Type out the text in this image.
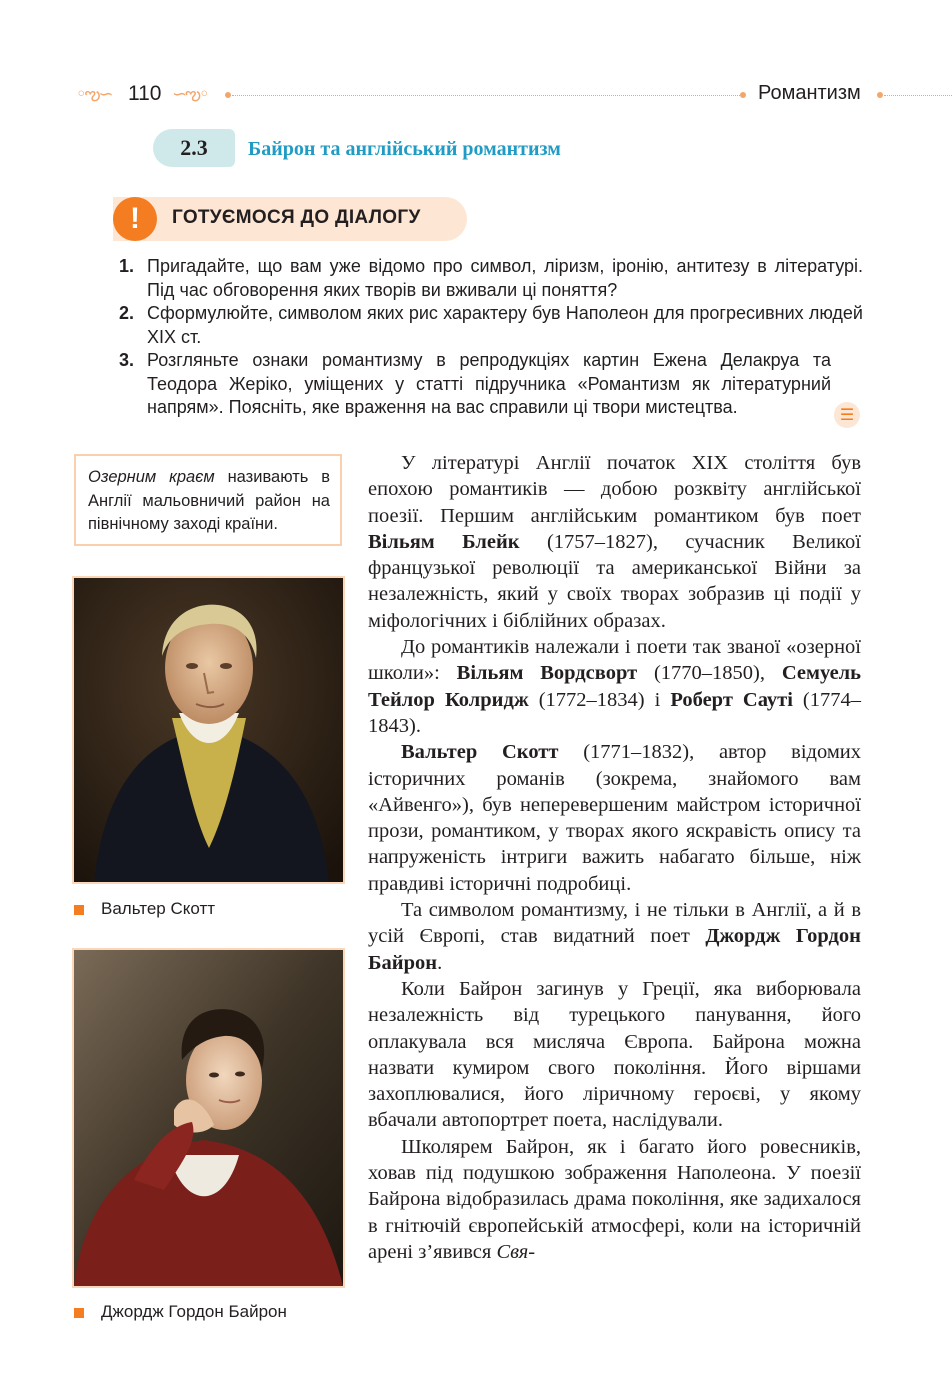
◦ఌ∽ 110 ∽ఌ◦	Романтизм
2.3	Байрон та англійський романтизм
!	ГОТУЄМОСЯ ДО ДІАЛОГУ
1. Пригадайте, що вам уже відомо про символ, ліризм, іронію, антитезу в літературі. Під час обговорення яких творів ви вживали ці поняття?
2. Сформулюйте, символом яких рис характеру був Наполеон для прогресивних людей XIX ст.
3. Розгляньте ознаки романтизму в репродукціях картин Ежена Делакруа та Теодора Жеріко, уміщених у статті підручника «Романтизм як літературний напрям». Поясніть, яке враження на вас справили ці твори мистецтва.	☰
Озерним краєм називають в Англії мальовничий район на північному заході країни.
Вальтер Скотт
Джордж Гордон Байрон

У літературі Англії початок XIX століття був епохою романтиків — добою розквіту англійської поезії. Першим англійським романтиком був поет Вільям Блейк (1757–1827), сучасник Великої французької революції та американської Війни за незалежність, який у своїх творах зобразив ці події у міфологічних і біблійних образах.

До романтиків належали і поети так званої «озерної школи»: Вільям Вордсворт (1770–1850), Семуель Тейлор Колридж (1772–1834) і Роберт Сауті (1774–1843).

Вальтер Скотт (1771–1832), автор відомих історичних романів (зокрема, знайомого вам «Айвенго»), був неперевершеним майстром історичної прози, романтиком, у творах якого яскравість опису та напруженість інтриги важить набагато більше, ніж правдиві історичні подробиці.

Та символом романтизму, і не тільки в Англії, а й в усій Європі, став видатний поет Джордж Гордон Байрон.

Коли Байрон загинув у Греції, яка виборювала незалежність від турецького панування, його оплакувала вся мисляча Європа. Байрона можна назвати кумиром свого покоління. Його віршами захоплювалися, його ліричному героєві, у якому вбачали автопортрет поета, наслідували.

Школярем Байрон, як і багато його ровесників, ховав під подушкою зображення Наполеона. У поезії Байрона відобразилась драма покоління, яке задихалося в гнітючій європейській атмосфері, коли на історичній арені з’явився Свя-
